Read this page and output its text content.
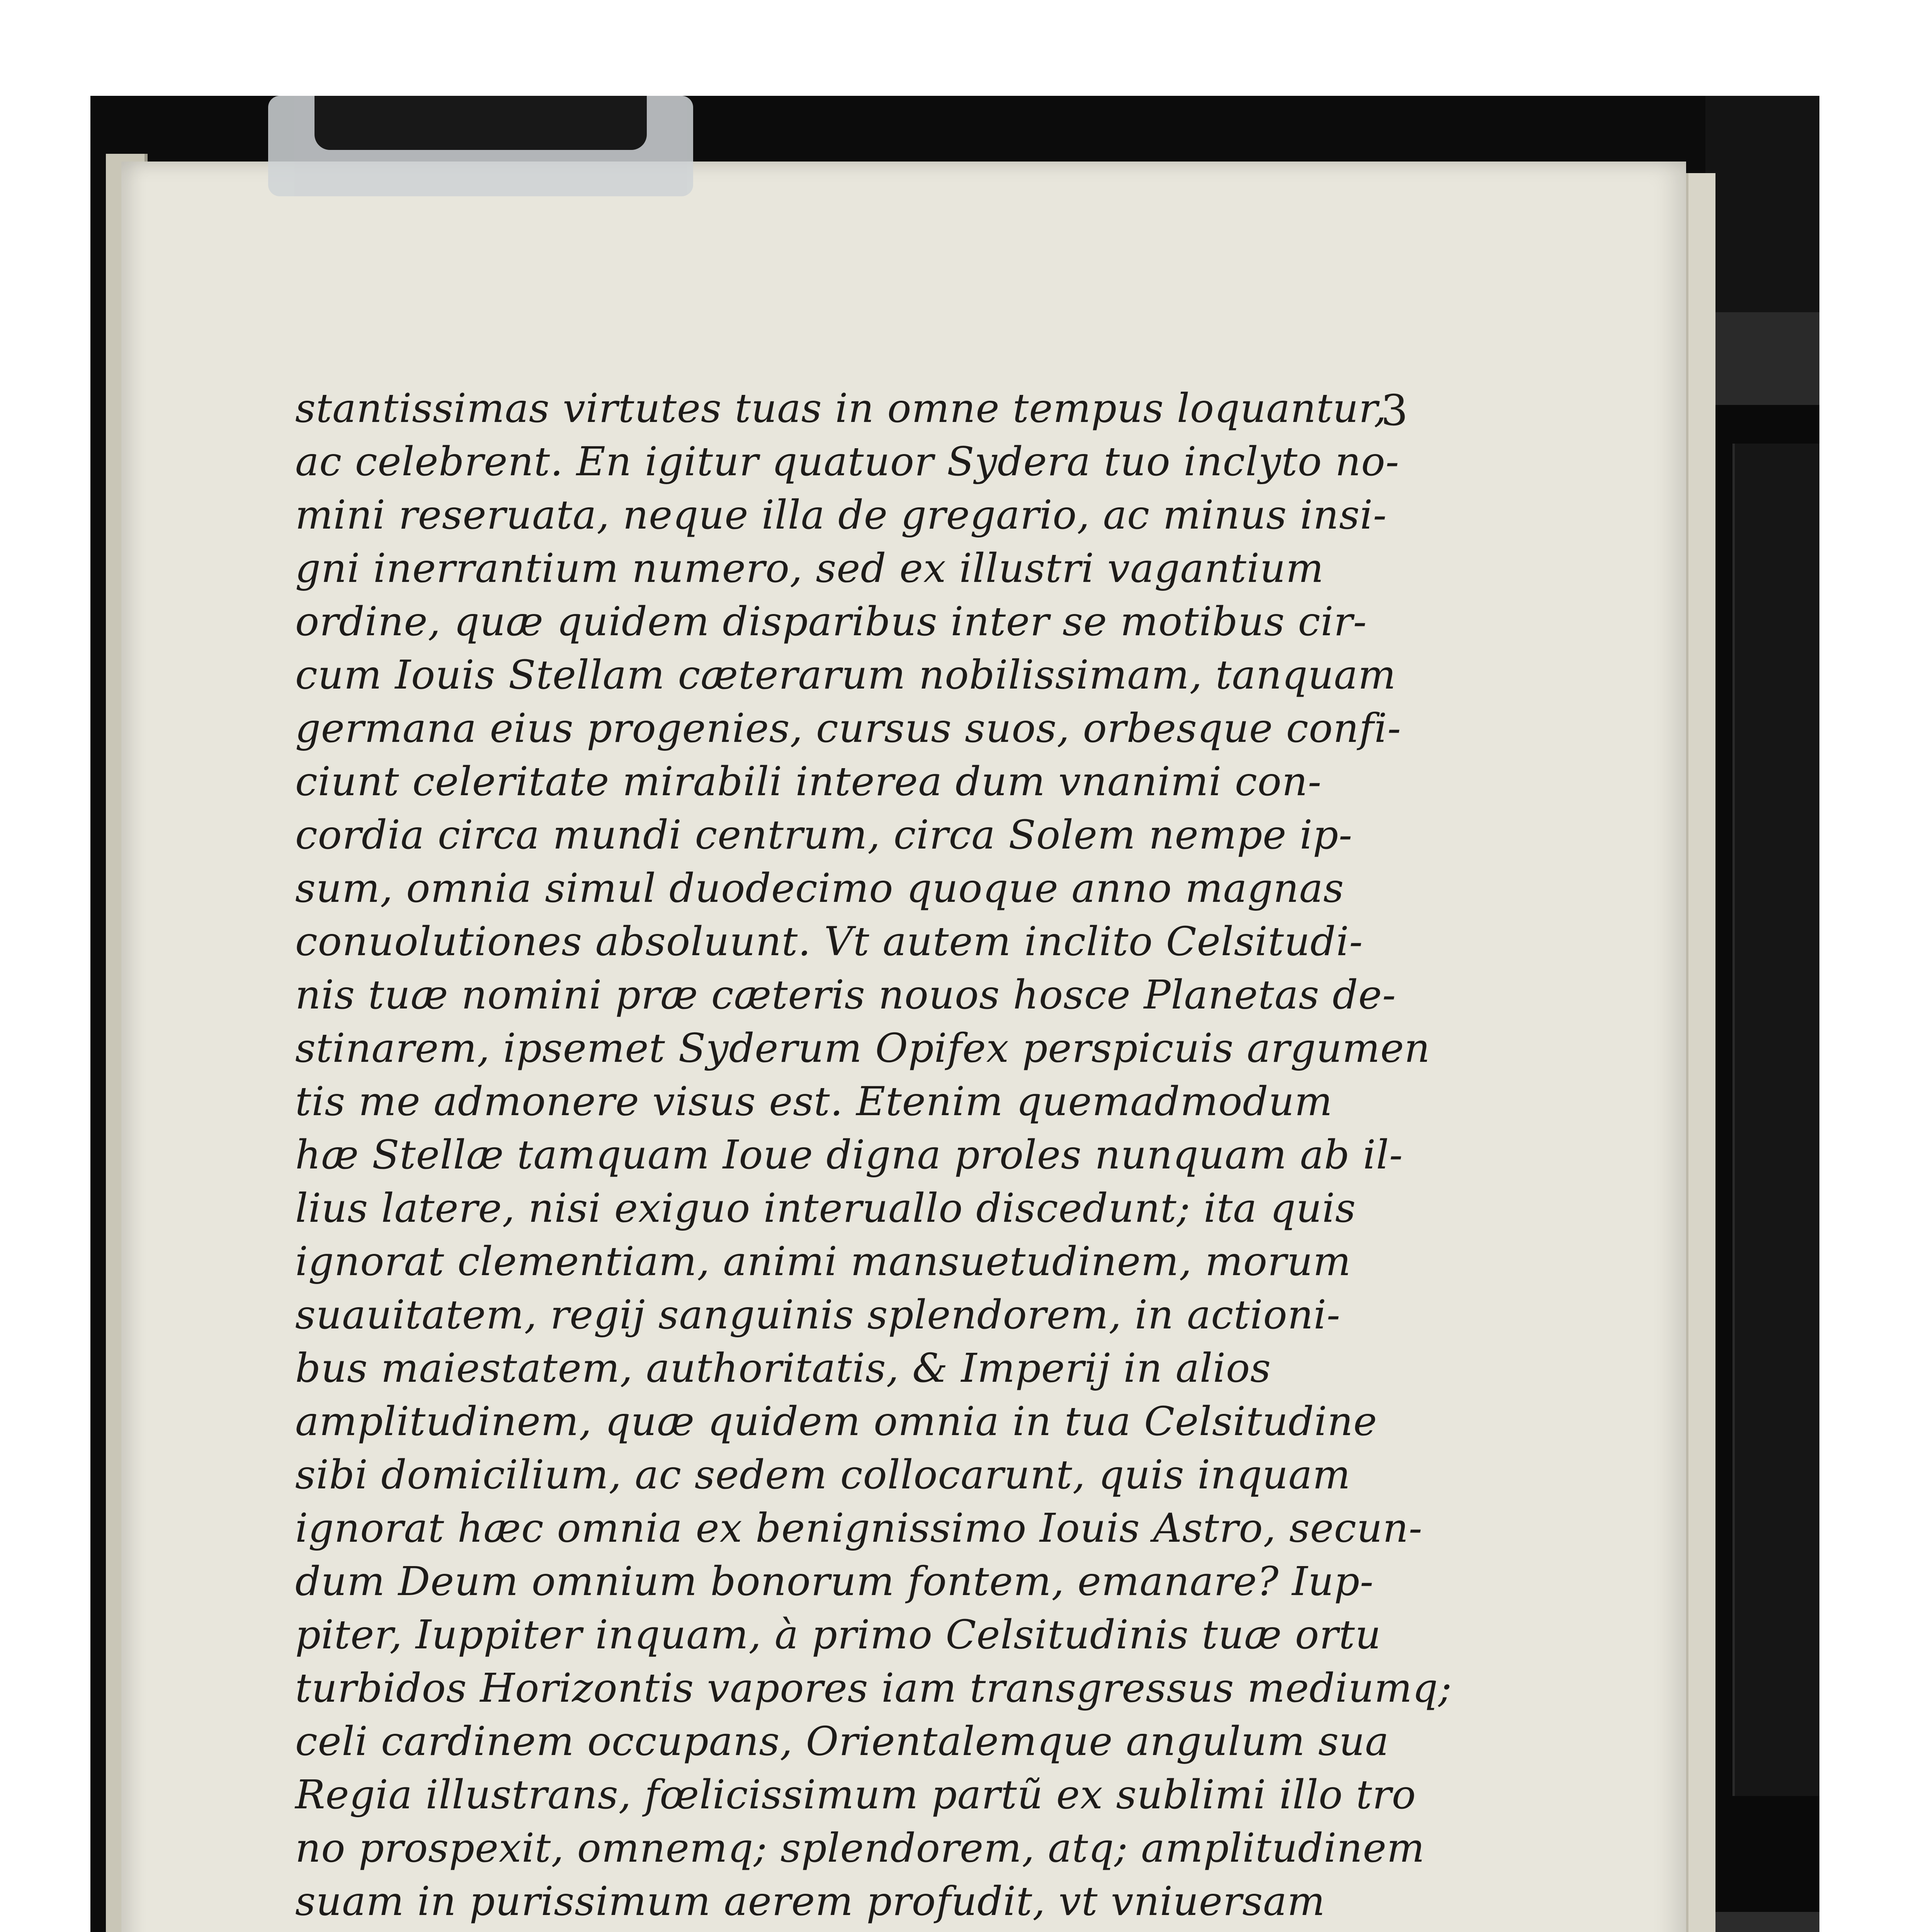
3
stantissimas virtutes tuas in omne tempus loquantur,
ac celebrent. En igitur quatuor Sydera tuo inclyto no-
mini reseruata, neque illa de gregario, ac minus insi-
gni inerrantium numero, sed ex illustri vagantium
ordine, quæ quidem disparibus inter se motibus cir-
cum Iouis Stellam cæterarum nobilissimam, tanquam
germana eius progenies, cursus suos, orbesque confi-
ciunt celeritate mirabili interea dum vnanimi con-
cordia circa mundi centrum, circa Solem nempe ip-
sum, omnia simul duodecimo quoque anno magnas
conuolutiones absoluunt. Vt autem inclito Celsitudi-
nis tuæ nomini præ cæteris nouos hosce Planetas de-
stinarem, ipsemet Syderum Opifex perspicuis argumen
tis me admonere visus est. Etenim quemadmodum
hæ Stellæ tamquam Ioue digna proles nunquam ab il-
lius latere, nisi exiguo interuallo discedunt; ita quis
ignorat clementiam, animi mansuetudinem, morum
suauitatem, regij sanguinis splendorem, in actioni-
bus maiestatem, authoritatis, & Imperij in alios
amplitudinem, quæ quidem omnia in tua Celsitudine
sibi domicilium, ac sedem collocarunt, quis inquam
ignorat hæc omnia ex benignissimo Iouis Astro, secun-
dum Deum omnium bonorum fontem, emanare? Iup-
piter, Iuppiter inquam, à primo Celsitudinis tuæ ortu
turbidos Horizontis vapores iam transgressus mediumq;
celi cardinem occupans, Orientalemque angulum sua
Regia illustrans, fœlicissimum partũ ex sublimi illo tro
no prospexit, omnemq; splendorem, atq; amplitudinem
suam in purissimum aerem profudit, vt vniuersam
